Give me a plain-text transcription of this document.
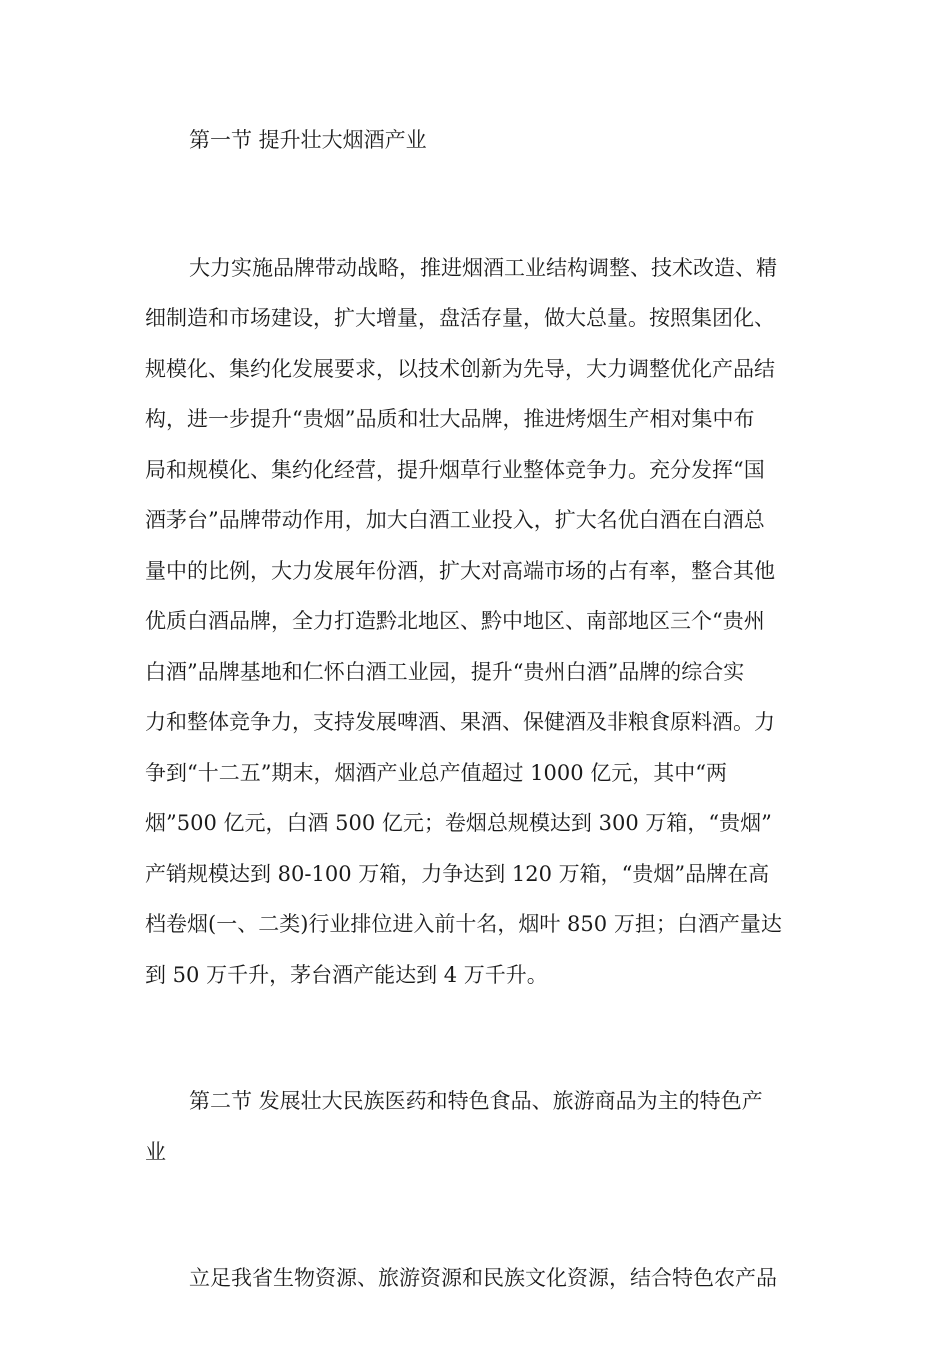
第一节 提升壮大烟酒产业
大力实施品牌带动战略，推进烟酒工业结构调整、技术改造、精
细制造和市场建设，扩大增量，盘活存量，做大总量。按照集团化、
规模化、集约化发展要求，以技术创新为先导，大力调整优化产品结
构，进一步提升“贵烟”品质和壮大品牌，推进烤烟生产相对集中布
局和规模化、集约化经营，提升烟草行业整体竞争力。充分发挥“国
酒茅台”品牌带动作用，加大白酒工业投入，扩大名优白酒在白酒总
量中的比例，大力发展年份酒，扩大对高端市场的占有率，整合其他
优质白酒品牌，全力打造黔北地区、黔中地区、南部地区三个“贵州
白酒”品牌基地和仁怀白酒工业园，提升“贵州白酒”品牌的综合实
力和整体竞争力，支持发展啤酒、果酒、保健酒及非粮食原料酒。力
争到“十二五”期末，烟酒产业总产值超过 1000 亿元，其中“两
烟”500 亿元，白酒 500 亿元；卷烟总规模达到 300 万箱，“贵烟”
产销规模达到 80-100 万箱，力争达到 120 万箱，“贵烟”品牌在高
档卷烟(一、二类)行业排位进入前十名，烟叶 850 万担；白酒产量达
到 50 万千升，茅台酒产能达到 4 万千升。
第二节 发展壮大民族医药和特色食品、旅游商品为主的特色产
业
立足我省生物资源、旅游资源和民族文化资源，结合特色农产品
